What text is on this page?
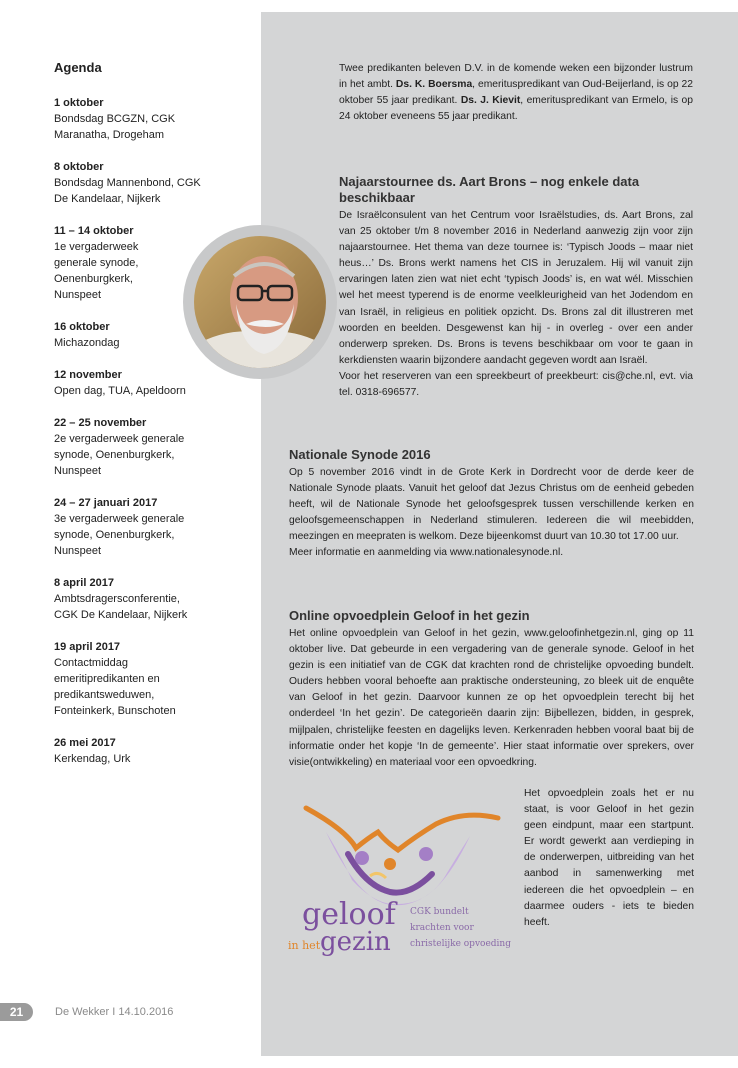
Agenda
1 oktober
Bondsdag BCGZN, CGK
Maranatha, Drogeham
8 oktober
Bondsdag Mannenbond, CGK
De Kandelaar, Nijkerk
11 – 14 oktober
1e vergaderweek
generale synode,
Oenenburgkerk,
Nunspeet
16 oktober
Michazondag
12 november
Open dag, TUA, Apeldoorn
22 – 25 november
2e vergaderweek generale
synode, Oenenburgkerk,
Nunspeet
24 – 27 januari 2017
3e vergaderweek generale
synode, Oenenburgkerk,
Nunspeet
8 april 2017
Ambtsdragersconferentie,
CGK De Kandelaar, Nijkerk
19 april 2017
Contactmiddag
emeritipredikanten en
predikantsweduwen,
Fonteinkerk, Bunschoten
26 mei 2017
Kerkendag, Urk

Twee predikanten beleven D.V. in de komende weken een bijzonder lustrum in het ambt. Ds. K. Boersma, emerituspredikant van Oud-Beijerland, is op 22 oktober 55 jaar predikant. Ds. J. Kievit, emerituspredikant van Ermelo, is op 24 oktober eveneens 55 jaar predikant.

Najaarstournee ds. Aart Brons – nog enkele data beschikbaar

De Israëlconsulent van het Centrum voor Israëlstudies, ds. Aart Brons, zal van 25 oktober t/m 8 november 2016 in Nederland aanwezig zijn voor zijn najaarstournee. Het thema van deze tournee is: ‘Typisch Joods – maar niet heus…’ Ds. Brons werkt namens het CIS in Jeruzalem. Hij wil vanuit zijn ervaringen laten zien wat niet echt ‘typisch Joods’ is, en wat wél. Misschien wel het meest typerend is de enorme veelkleurigheid van het Jodendom en van Israël, in religieus en politiek opzicht. Ds. Brons zal dit illustreren met woorden en beelden. Desgewenst kan hij - in overleg - over een ander onderwerp spreken. Ds. Brons is tevens beschikbaar om voor te gaan in kerkdiensten waarin bijzondere aandacht gegeven wordt aan Israël.

Voor het reserveren van een spreekbeurt of preekbeurt: cis@che.nl, evt. via tel. 0318-696577.

Nationale Synode 2016

Op 5 november 2016 vindt in de Grote Kerk in Dordrecht voor de derde keer de Nationale Synode plaats. Vanuit het geloof dat Jezus Christus om de eenheid gebeden heeft, wil de Nationale Synode het geloofsgesprek tussen verschillende kerken en geloofsgemeenschappen in Nederland stimuleren. Iedereen die wil meebidden, meezingen en meepraten is welkom. Deze bijeenkomst duurt van 10.30 tot 17.00 uur.

Meer informatie en aanmelding via www.nationalesynode.nl.

Online opvoedplein Geloof in het gezin

Het online opvoedplein van Geloof in het gezin, www.geloofinhetgezin.nl, ging op 11 oktober live. Dat gebeurde in een vergadering van de generale synode. Geloof in het gezin is een initiatief van de CGK dat krachten rond de christelijke opvoeding bundelt. Ouders hebben vooral behoefte aan praktische ondersteuning, zo bleek uit de enquête van Geloof in het gezin. Daarvoor kunnen ze op het opvoedplein terecht bij het onderdeel ‘In het gezin’. De categorieën daarin zijn: Bijbellezen, bidden, in gesprek, mijlpalen, christelijke feesten en dagelijks leven. Kerkenraden hebben vooral baat bij de informatie onder het kopje ‘In de gemeente’. Hier staat informatie over sprekers, over visie(ontwikkeling) en materiaal voor een opvoedkring.

Het opvoedplein zoals het er nu staat, is voor Geloof in het gezin geen eindpunt, maar een startpunt. Er wordt gewerkt aan verdieping in de onderwerpen, uitbreiding van het aanbod in samenwerking met iedereen die het opvoedplein – en daarmee ouders - iets te bieden heeft.

geloof
in het gezin
CGK bundelt
krachten voor
christelijke opvoeding
21	De Wekker I 14.10.2016
